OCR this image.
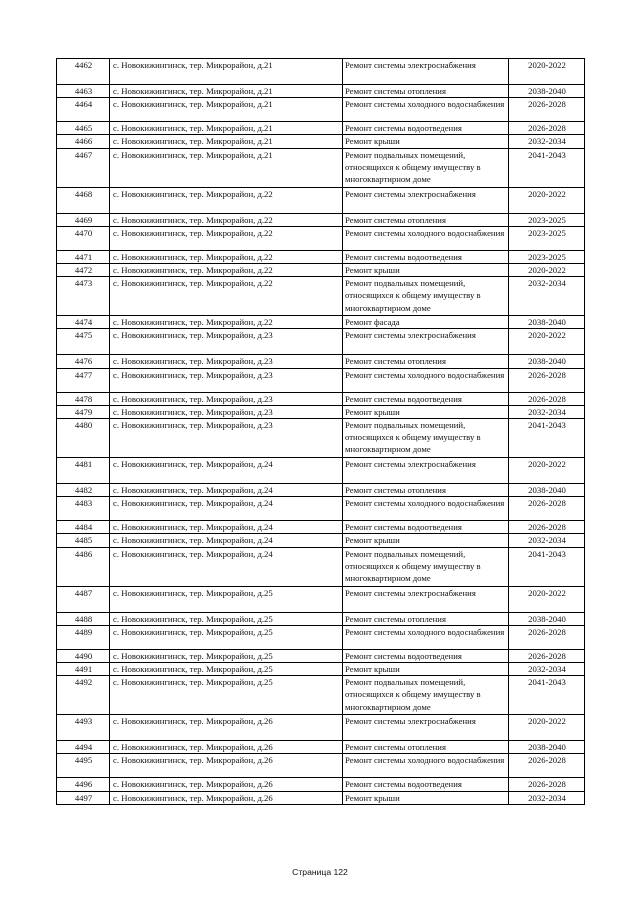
4462	с. Новокижингинск, тер. Микрорайон, д.21	Ремонт системы электроснабжения	2020-2022
4463	с. Новокижингинск, тер. Микрорайон, д.21	Ремонт системы отопления	2038-2040
4464	с. Новокижингинск, тер. Микрорайон, д.21	Ремонт системы холодного водоснабжения	2026-2028
4465	с. Новокижингинск, тер. Микрорайон, д.21	Ремонт системы водоотведения	2026-2028
4466	с. Новокижингинск, тер. Микрорайон, д.21	Ремонт крыши	2032-2034
4467	с. Новокижингинск, тер. Микрорайон, д.21	Ремонт подвальных помещений, относящихся к общему имуществу в многоквартирном доме	2041-2043
4468	с. Новокижингинск, тер. Микрорайон, д.22	Ремонт системы электроснабжения	2020-2022
4469	с. Новокижингинск, тер. Микрорайон, д.22	Ремонт системы отопления	2023-2025
4470	с. Новокижингинск, тер. Микрорайон, д.22	Ремонт системы холодного водоснабжения	2023-2025
4471	с. Новокижингинск, тер. Микрорайон, д.22	Ремонт системы водоотведения	2023-2025
4472	с. Новокижингинск, тер. Микрорайон, д.22	Ремонт крыши	2020-2022
4473	с. Новокижингинск, тер. Микрорайон, д.22	Ремонт подвальных помещений, относящихся к общему имуществу в многоквартирном доме	2032-2034
4474	с. Новокижингинск, тер. Микрорайон, д.22	Ремонт фасада	2038-2040
4475	с. Новокижингинск, тер. Микрорайон, д.23	Ремонт системы электроснабжения	2020-2022
4476	с. Новокижингинск, тер. Микрорайон, д.23	Ремонт системы отопления	2038-2040
4477	с. Новокижингинск, тер. Микрорайон, д.23	Ремонт системы холодного водоснабжения	2026-2028
4478	с. Новокижингинск, тер. Микрорайон, д.23	Ремонт системы водоотведения	2026-2028
4479	с. Новокижингинск, тер. Микрорайон, д.23	Ремонт крыши	2032-2034
4480	с. Новокижингинск, тер. Микрорайон, д.23	Ремонт подвальных помещений, относящихся к общему имуществу в многоквартирном доме	2041-2043
4481	с. Новокижингинск, тер. Микрорайон, д.24	Ремонт системы электроснабжения	2020-2022
4482	с. Новокижингинск, тер. Микрорайон, д.24	Ремонт системы отопления	2038-2040
4483	с. Новокижингинск, тер. Микрорайон, д.24	Ремонт системы холодного водоснабжения	2026-2028
4484	с. Новокижингинск, тер. Микрорайон, д.24	Ремонт системы водоотведения	2026-2028
4485	с. Новокижингинск, тер. Микрорайон, д.24	Ремонт крыши	2032-2034
4486	с. Новокижингинск, тер. Микрорайон, д.24	Ремонт подвальных помещений, относящихся к общему имуществу в многоквартирном доме	2041-2043
4487	с. Новокижингинск, тер. Микрорайон, д.25	Ремонт системы электроснабжения	2020-2022
4488	с. Новокижингинск, тер. Микрорайон, д.25	Ремонт системы отопления	2038-2040
4489	с. Новокижингинск, тер. Микрорайон, д.25	Ремонт системы холодного водоснабжения	2026-2028
4490	с. Новокижингинск, тер. Микрорайон, д.25	Ремонт системы водоотведения	2026-2028
4491	с. Новокижингинск, тер. Микрорайон, д.25	Ремонт крыши	2032-2034
4492	с. Новокижингинск, тер. Микрорайон, д.25	Ремонт подвальных помещений, относящихся к общему имуществу в многоквартирном доме	2041-2043
4493	с. Новокижингинск, тер. Микрорайон, д.26	Ремонт системы электроснабжения	2020-2022
4494	с. Новокижингинск, тер. Микрорайон, д.26	Ремонт системы отопления	2038-2040
4495	с. Новокижингинск, тер. Микрорайон, д.26	Ремонт системы холодного водоснабжения	2026-2028
4496	с. Новокижингинск, тер. Микрорайон, д.26	Ремонт системы водоотведения	2026-2028
4497	с. Новокижингинск, тер. Микрорайон, д.26	Ремонт крыши	2032-2034
Страница 122
